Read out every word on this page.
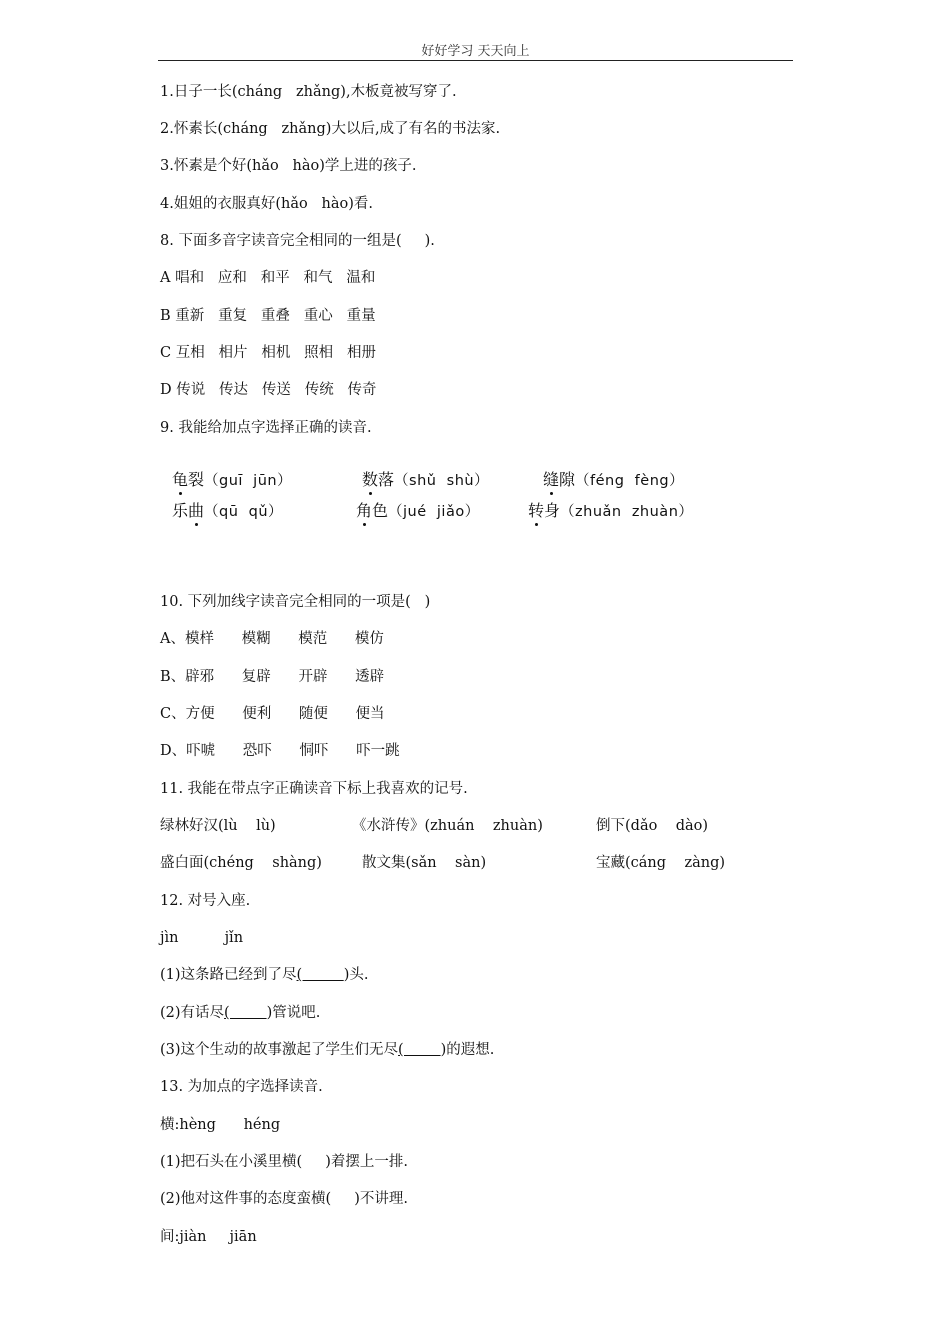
好好学习 天天向上
1.日子一长(cháng   zhǎng),木板竟被写穿了.
2.怀素长(cháng   zhǎng)大以后,成了有名的书法家.
3.怀素是个好(hǎo   hào)学上进的孩子.
4.姐姐的衣服真好(hǎo   hào)看.
8. 下面多音字读音完全相同的一组是(     ).
A 唱和   应和   和平   和气   温和
B 重新   重复   重叠   重心   重量
C 互相   相片   相机   照相   相册
D 传说   传达   传送   传统   传奇
9. 我能给加点字选择正确的读音.
龟裂（guī  jūn）	数落（shǔ  shù）	缝隙（féng  fèng）
乐曲（qū  qǔ）	角色（jué  jiǎo）	转身（zhuǎn  zhuàn）
10. 下列加线字读音完全相同的一项是(   )
A、模样      模糊      模范      模仿
B、辟邪      复辟      开辟      透辟
C、方便      便利      随便      便当
D、吓唬      恐吓      恫吓      吓一跳
11. 我能在带点字正确读音下标上我喜欢的记号.
绿林好汉(lù    lù)	《水浒传》(zhuán    zhuàn)	倒下(dǎo    dào)
盛白面(chéng    shàng)	散文集(sǎn    sàn)	宝藏(cáng    zàng)
12. 对号入座.
jìn          jǐn
(1)这条路已经到了尽(         )头.
(2)有话尽(        )管说吧.
(3)这个生动的故事激起了学生们无尽(        )的遐想.
13. 为加点的字选择读音.
横:hèng      héng
(1)把石头在小溪里横(     )着摆上一排.
(2)他对这件事的态度蛮横(     )不讲理.
间:jiàn     jiān
